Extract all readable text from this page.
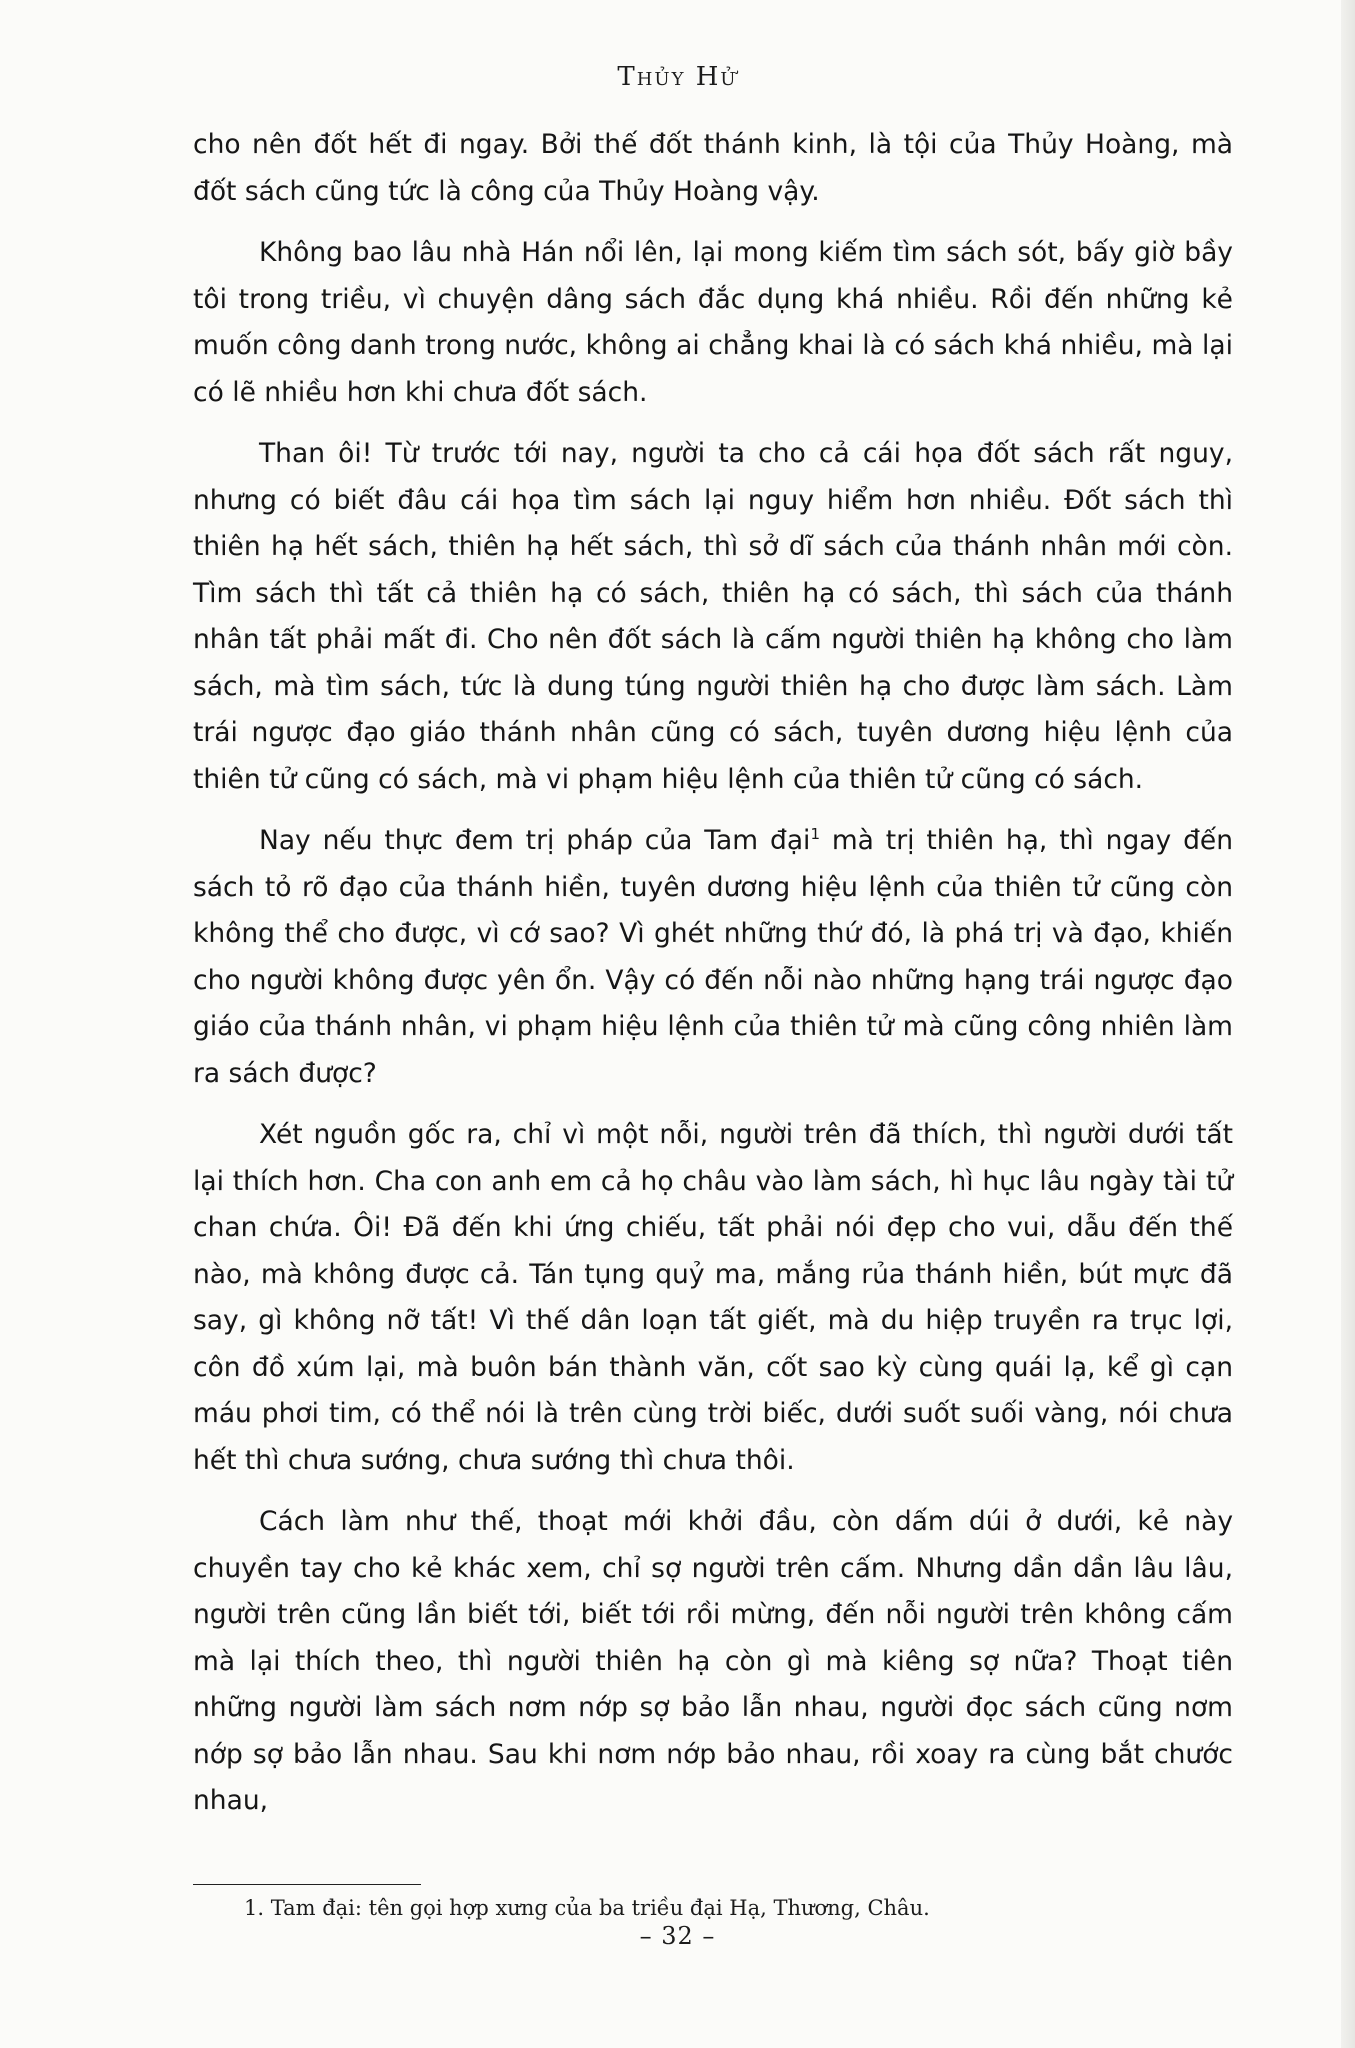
Thủy Hử

cho nên đốt hết đi ngay. Bởi thế đốt thánh kinh, là tội của Thủy Hoàng, mà đốt sách cũng tức là công của Thủy Hoàng vậy.

Không bao lâu nhà Hán nổi lên, lại mong kiếm tìm sách sót, bấy giờ bầy tôi trong triều, vì chuyện dâng sách đắc dụng khá nhiều. Rồi đến những kẻ muốn công danh trong nước, không ai chẳng khai là có sách khá nhiều, mà lại có lẽ nhiều hơn khi chưa đốt sách.

Than ôi! Từ trước tới nay, người ta cho cả cái họa đốt sách rất nguy, nhưng có biết đâu cái họa tìm sách lại nguy hiểm hơn nhiều. Đốt sách thì thiên hạ hết sách, thiên hạ hết sách, thì sở dĩ sách của thánh nhân mới còn. Tìm sách thì tất cả thiên hạ có sách, thiên hạ có sách, thì sách của thánh nhân tất phải mất đi. Cho nên đốt sách là cấm người thiên hạ không cho làm sách, mà tìm sách, tức là dung túng người thiên hạ cho được làm sách. Làm trái ngược đạo giáo thánh nhân cũng có sách, tuyên dương hiệu lệnh của thiên tử cũng có sách, mà vi phạm hiệu lệnh của thiên tử cũng có sách.

Nay nếu thực đem trị pháp của Tam đại$^1$ mà trị thiên hạ, thì ngay đến sách tỏ rõ đạo của thánh hiền, tuyên dương hiệu lệnh của thiên tử cũng còn không thể cho được, vì cớ sao? Vì ghét những thứ đó, là phá trị và đạo, khiến cho người không được yên ổn. Vậy có đến nỗi nào những hạng trái ngược đạo giáo của thánh nhân, vi phạm hiệu lệnh của thiên tử mà cũng công nhiên làm ra sách được?

Xét nguồn gốc ra, chỉ vì một nỗi, người trên đã thích, thì người dưới tất lại thích hơn. Cha con anh em cả họ châu vào làm sách, hì hục lâu ngày tài tử chan chứa. Ôi! Đã đến khi ứng chiếu, tất phải nói đẹp cho vui, dẫu đến thế nào, mà không được cả. Tán tụng quỷ ma, mắng rủa thánh hiền, bút mực đã say, gì không nỡ tất! Vì thế dân loạn tất giết, mà du hiệp truyền ra trục lợi, côn đồ xúm lại, mà buôn bán thành văn, cốt sao kỳ cùng quái lạ, kể gì cạn máu phơi tim, có thể nói là trên cùng trời biếc, dưới suốt suối vàng, nói chưa hết thì chưa sướng, chưa sướng thì chưa thôi.

Cách làm như thế, thoạt mới khởi đầu, còn dấm dúi ở dưới, kẻ này chuyền tay cho kẻ khác xem, chỉ sợ người trên cấm. Nhưng dần dần lâu lâu, người trên cũng lần biết tới, biết tới rồi mừng, đến nỗi người trên không cấm mà lại thích theo, thì người thiên hạ còn gì mà kiêng sợ nữa? Thoạt tiên những người làm sách nơm nớp sợ bảo lẫn nhau, người đọc sách cũng nơm nớp sợ bảo lẫn nhau. Sau khi nơm nớp bảo nhau, rồi xoay ra cùng bắt chước nhau,

1. Tam đại: tên gọi hợp xưng của ba triều đại Hạ, Thương, Châu.
– 32 –
